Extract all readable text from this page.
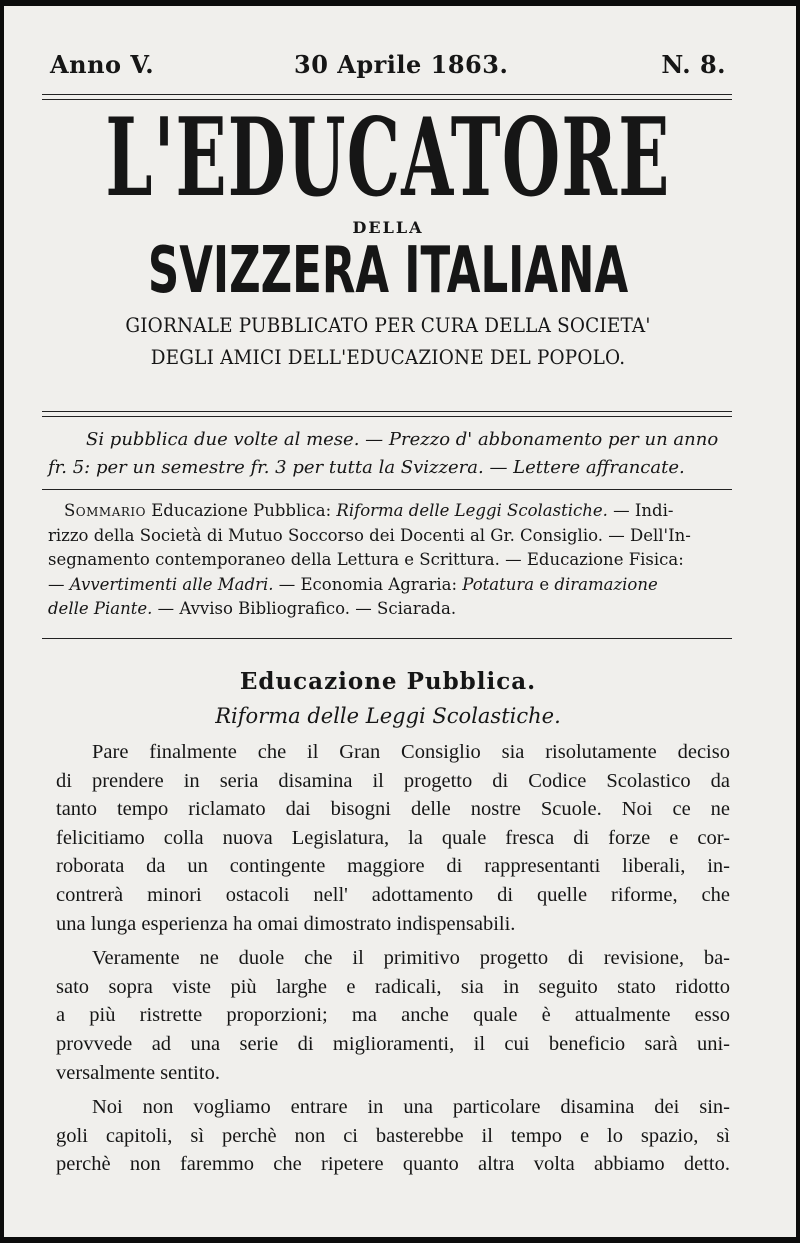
Anno V.	30 Aprile 1863.	N. 8.
L'EDUCATORE
DELLA
SVIZZERA ITALIANA
GIORNALE PUBBLICATO PER CURA DELLA SOCIETA'
DEGLI AMICI DELL'EDUCAZIONE DEL POPOLO.
Si pubblica due volte al mese. — Prezzo d' abbonamento per un anno
fr. 5: per un semestre fr. 3 per tutta la Svizzera. — Lettere affrancate.
Sommario Educazione Pubblica: Riforma delle Leggi Scolastiche. — Indi-
rizzo della Società di Mutuo Soccorso dei Docenti al Gr. Consiglio. — Dell'In-
segnamento contemporaneo della Lettura e Scrittura. — Educazione Fisica:
— Avvertimenti alle Madri. — Economia Agraria: Potatura e diramazione
delle Piante. — Avviso Bibliografico. — Sciarada.
Educazione Pubblica.
Riforma delle Leggi Scolastiche.

Pare finalmente che il Gran Consiglio sia risolutamente deciso
di prendere in seria disamina il progetto di Codice Scolastico da
tanto tempo riclamato dai bisogni delle nostre Scuole. Noi ce ne
felicitiamo colla nuova Legislatura, la quale fresca di forze e cor-
roborata da un contingente maggiore di rappresentanti liberali, in-
contrerà minori ostacoli nell' adottamento di quelle riforme, che
una lunga esperienza ha omai dimostrato indispensabili.

Veramente ne duole che il primitivo progetto di revisione, ba-
sato sopra viste più larghe e radicali, sia in seguito stato ridotto
a più ristrette proporzioni; ma anche quale è attualmente esso
provvede ad una serie di miglioramenti, il cui beneficio sarà uni-
versalmente sentito.

Noi non vogliamo entrare in una particolare disamina dei sin-
goli capitoli, sì perchè non ci basterebbe il tempo e lo spazio, sì
perchè non faremmo che ripetere quanto altra volta abbiamo detto.
